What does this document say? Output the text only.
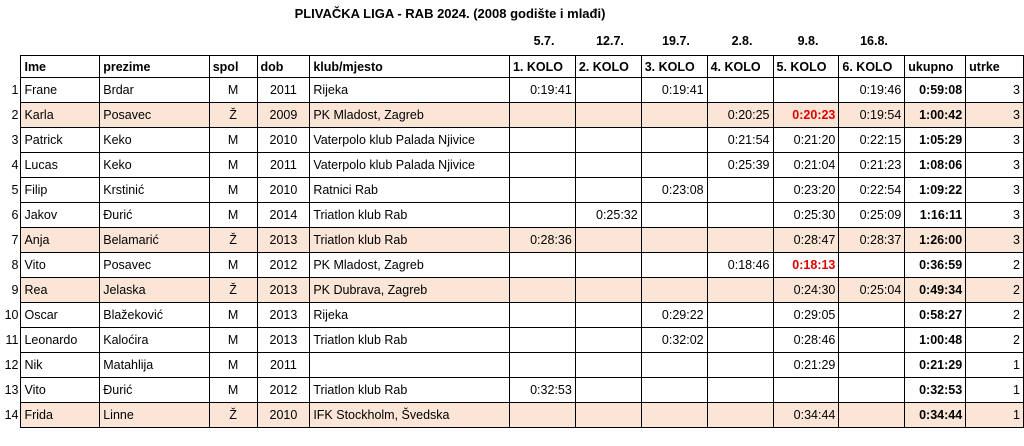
PLIVAČKA LIGA - RAB 2024. (2008 godište i mlađi)
5.7.	12.7.	19.7.	2.8.	9.8.	16.8.
	Ime	prezime	spol	dob	klub/mjesto	1. KOLO	2. KOLO	3. KOLO	4. KOLO	5. KOLO	6. KOLO	ukupno	utrke
1	Frane	Brdar	M	2011	Rijeka	0:19:41		0:19:41			0:19:46	0:59:08	3
2	Karla	Posavec	Ž	2009	PK Mladost, Zagreb				0:20:25	0:20:23	0:19:54	1:00:42	3
3	Patrick	Keko	M	2010	Vaterpolo klub Palada Njivice				0:21:54	0:21:20	0:22:15	1:05:29	3
4	Lucas	Keko	M	2011	Vaterpolo klub Palada Njivice				0:25:39	0:21:04	0:21:23	1:08:06	3
5	Filip	Krstinić	M	2010	Ratnici Rab			0:23:08		0:23:20	0:22:54	1:09:22	3
6	Jakov	Đurić	M	2014	Triatlon klub Rab		0:25:32			0:25:30	0:25:09	1:16:11	3
7	Anja	Belamarić	Ž	2013	Triatlon klub Rab	0:28:36				0:28:47	0:28:37	1:26:00	3
8	Vito	Posavec	M	2012	PK Mladost, Zagreb				0:18:46	0:18:13		0:36:59	2
9	Rea	Jelaska	Ž	2013	PK Dubrava, Zagreb					0:24:30	0:25:04	0:49:34	2
10	Oscar	Blažeković	M	2013	Rijeka			0:29:22		0:29:05		0:58:27	2
11	Leonardo	Kaloćira	M	2013	Triatlon klub Rab			0:32:02		0:28:46		1:00:48	2
12	Nik	Matahlija	M	2011						0:21:29		0:21:29	1
13	Vito	Đurić	M	2012	Triatlon klub Rab	0:32:53						0:32:53	1
14	Frida	Linne	Ž	2010	IFK Stockholm, Švedska					0:34:44		0:34:44	1
